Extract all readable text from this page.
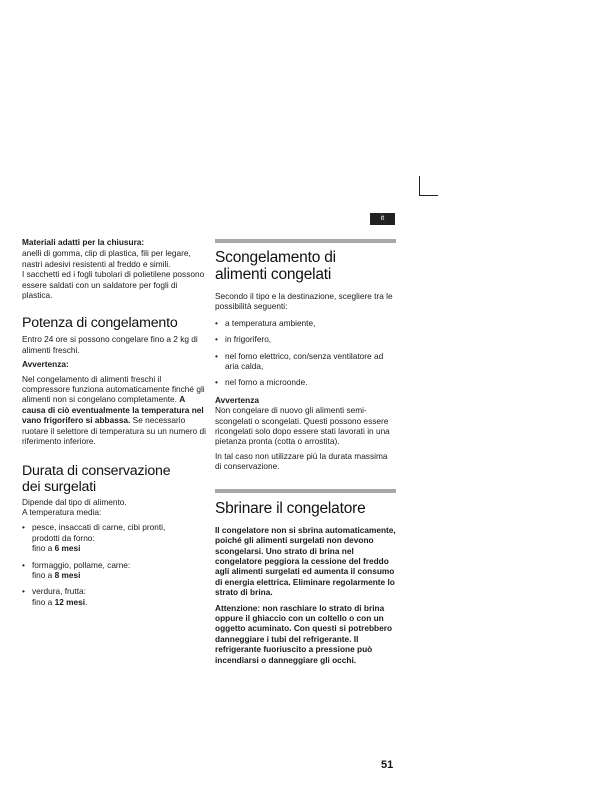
it

Materiali adatti per la chiusura:

anelli di gomma, clip di plastica, fili per legare, nastri adesivi resistenti al freddo e simili.

I sacchetti ed i fogli tubolari di polietilene possono essere saldati con un saldatore per fogli di plastica.

Potenza di congelamento

Entro 24 ore si possono congelare fino a 2 kg di alimenti freschi.

Avvertenza:

Nel congelamento di alimenti freschi il compressore funziona automaticamente finché gli alimenti non si congelano completamente. A causa di ciò eventualmente la temperatura nel vano frigorifero si abbassa. Se necessario ruotare il selettore di temperatura su un numero di riferimento inferiore.

Durata di conservazione
dei surgelati

Dipende dal tipo di alimento.

A temperatura media:

• pesce, insaccati di carne, cibi pronti,
prodotti da forno:
fino a 6 mesi
• formaggio, pollame, carne:
fino a 8 mesi
• verdura, frutta:
fino a 12 mesi.
Scongelamento di
alimenti congelati

Secondo il tipo e la destinazione, scegliere tra le possibilità seguenti:

• a temperatura ambiente,
• in frigorifero,
• nel forno elettrico, con/senza ventilatore ad aria calda,
• nel forno a microonde.

Avvertenza

Non congelare di nuovo gli alimenti semi-scongelati o scongelati. Questi possono essere ricongelati solo dopo essere stati lavorati in una pietanza pronta (cotta o arrostita).

In tal caso non utilizzare più la durata massima di conservazione.

Sbrinare il congelatore

Il congelatore non si sbrina automaticamente, poiché gli alimenti surgelati non devono scongelarsi. Uno strato di brina nel congelatore peggiora la cessione del freddo agli alimenti surgelati ed aumenta il consumo di energia elettrica. Eliminare regolarmente lo strato di brina.

Attenzione: non raschiare lo strato di brina oppure il ghiaccio con un coltello o con un oggetto acuminato. Con questi si potrebbero danneggiare i tubi del refrigerante. Il refrigerante fuoriuscito a pressione può incendiarsi o danneggiare gli occhi.

51
